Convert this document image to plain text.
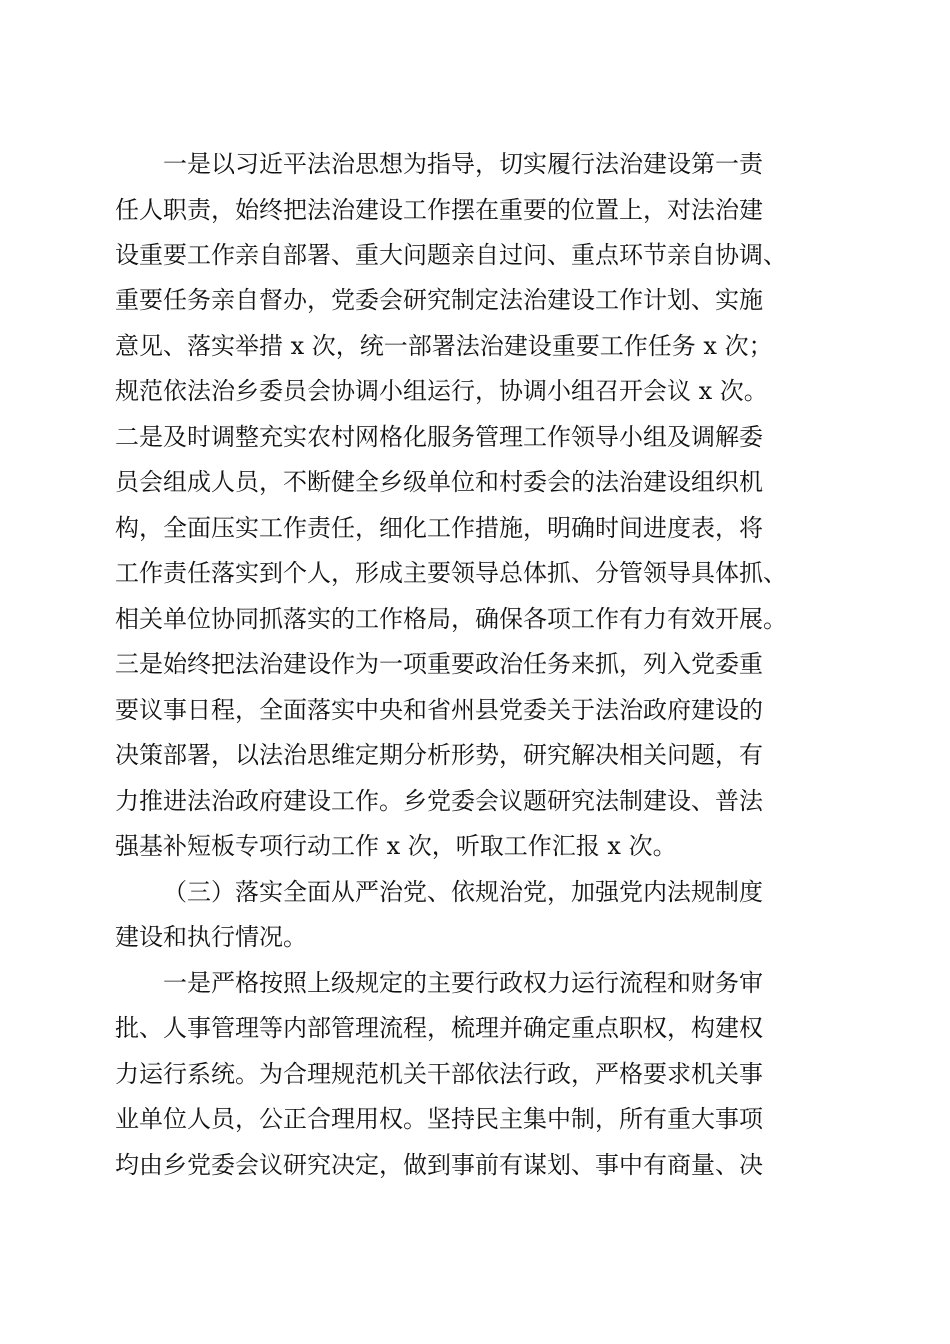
一是以习近平法治思想为指导，切实履行法治建设第一责
任人职责，始终把法治建设工作摆在重要的位置上，对法治建
设重要工作亲自部署、重大问题亲自过问、重点环节亲自协调、
重要任务亲自督办，党委会研究制定法治建设工作计划、实施
意见、落实举措 x 次，统一部署法治建设重要工作任务 x 次；
规范依法治乡委员会协调小组运行，协调小组召开会议 x 次。
二是及时调整充实农村网格化服务管理工作领导小组及调解委
员会组成人员，不断健全乡级单位和村委会的法治建设组织机
构，全面压实工作责任，细化工作措施，明确时间进度表，将
工作责任落实到个人，形成主要领导总体抓、分管领导具体抓、
相关单位协同抓落实的工作格局，确保各项工作有力有效开展。
三是始终把法治建设作为一项重要政治任务来抓，列入党委重
要议事日程，全面落实中央和省州县党委关于法治政府建设的
决策部署，以法治思维定期分析形势，研究解决相关问题，有
力推进法治政府建设工作。乡党委会议题研究法制建设、普法
强基补短板专项行动工作 x 次，听取工作汇报 x 次。
（三）落实全面从严治党、依规治党，加强党内法规制度
建设和执行情况。
一是严格按照上级规定的主要行政权力运行流程和财务审
批、人事管理等内部管理流程，梳理并确定重点职权，构建权
力运行系统。为合理规范机关干部依法行政，严格要求机关事
业单位人员，公正合理用权。坚持民主集中制，所有重大事项
均由乡党委会议研究决定，做到事前有谋划、事中有商量、决
